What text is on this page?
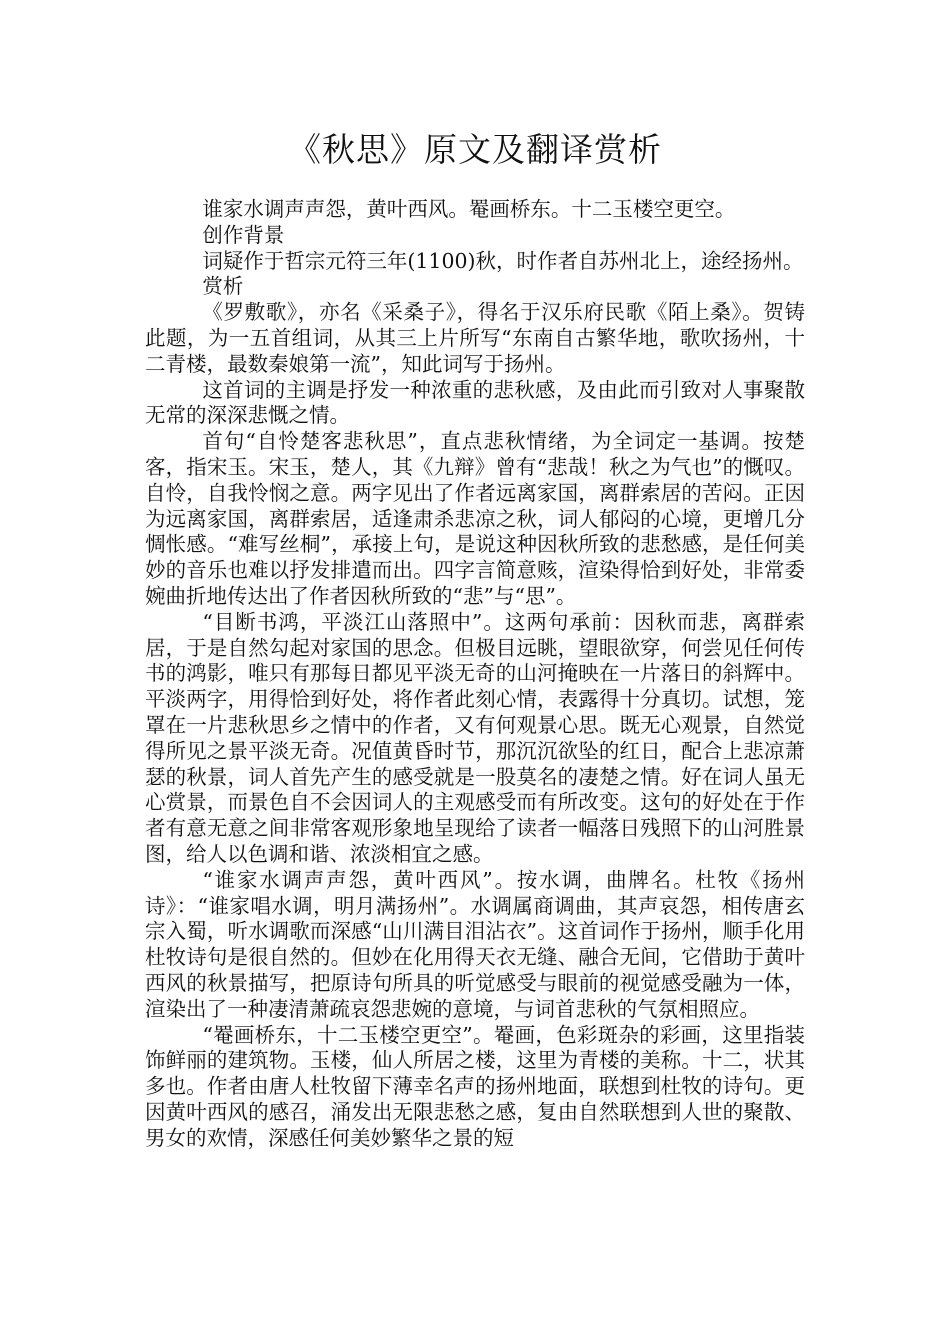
《秋思》原文及翻译赏析

谁家水调声声怨，黄叶西风。罨画桥东。十二玉楼空更空。

创作背景

词疑作于哲宗元符三年(1100)秋，时作者自苏州北上，途经扬州。

赏析

《罗敷歌》，亦名《采桑子》，得名于汉乐府民歌《陌上桑》。贺铸此题，为一五首组词，从其三上片所写“东南自古繁华地，歌吹扬州，十二青楼，最数秦娘第一流”，知此词写于扬州。

这首词的主调是抒发一种浓重的悲秋感，及由此而引致对人事聚散无常的深深悲慨之情。

首句“自怜楚客悲秋思”，直点悲秋情绪，为全词定一基调。按楚客，指宋玉。宋玉，楚人，其《九辩》曾有“悲哉！秋之为气也”的慨叹。自怜，自我怜悯之意。两字见出了作者远离家国，离群索居的苦闷。正因为远离家国，离群索居，适逢肃杀悲凉之秋，词人郁闷的心境，更增几分惆怅感。“难写丝桐”，承接上句，是说这种因秋所致的悲愁感，是任何美妙的音乐也难以抒发排遣而出。四字言简意赅，渲染得恰到好处，非常委婉曲折地传达出了作者因秋所致的“悲”与“思”。

“目断书鸿，平淡江山落照中”。这两句承前：因秋而悲，离群索居，于是自然勾起对家国的思念。但极目远眺，望眼欲穿，何尝见任何传书的鸿影，唯只有那每日都见平淡无奇的山河掩映在一片落日的斜辉中。平淡两字，用得恰到好处，将作者此刻心情，表露得十分真切。试想，笼罩在一片悲秋思乡之情中的作者，又有何观景心思。既无心观景，自然觉得所见之景平淡无奇。况值黄昏时节，那沉沉欲坠的红日，配合上悲凉萧瑟的秋景，词人首先产生的感受就是一股莫名的凄楚之情。好在词人虽无心赏景，而景色自不会因词人的主观感受而有所改变。这句的好处在于作者有意无意之间非常客观形象地呈现给了读者一幅落日残照下的山河胜景图，给人以色调和谐、浓淡相宜之感。

“谁家水调声声怨，黄叶西风”。按水调，曲牌名。杜牧《扬州诗》：“谁家唱水调，明月满扬州”。水调属商调曲，其声哀怨，相传唐玄宗入蜀，听水调歌而深感“山川满目泪沾衣”。这首词作于扬州，顺手化用杜牧诗句是很自然的。但妙在化用得天衣无缝、融合无间，它借助于黄叶西风的秋景描写，把原诗句所具的听觉感受与眼前的视觉感受融为一体，渲染出了一种凄清萧疏哀怨悲婉的意境，与词首悲秋的气氛相照应。

“罨画桥东，十二玉楼空更空”。罨画，色彩斑杂的彩画，这里指装饰鲜丽的建筑物。玉楼，仙人所居之楼，这里为青楼的美称。十二，状其多也。作者由唐人杜牧留下薄幸名声的扬州地面，联想到杜牧的诗句。更因黄叶西风的感召，涌发出无限悲愁之感，复由自然联想到人世的聚散、男女的欢情，深感任何美妙繁华之景的短
